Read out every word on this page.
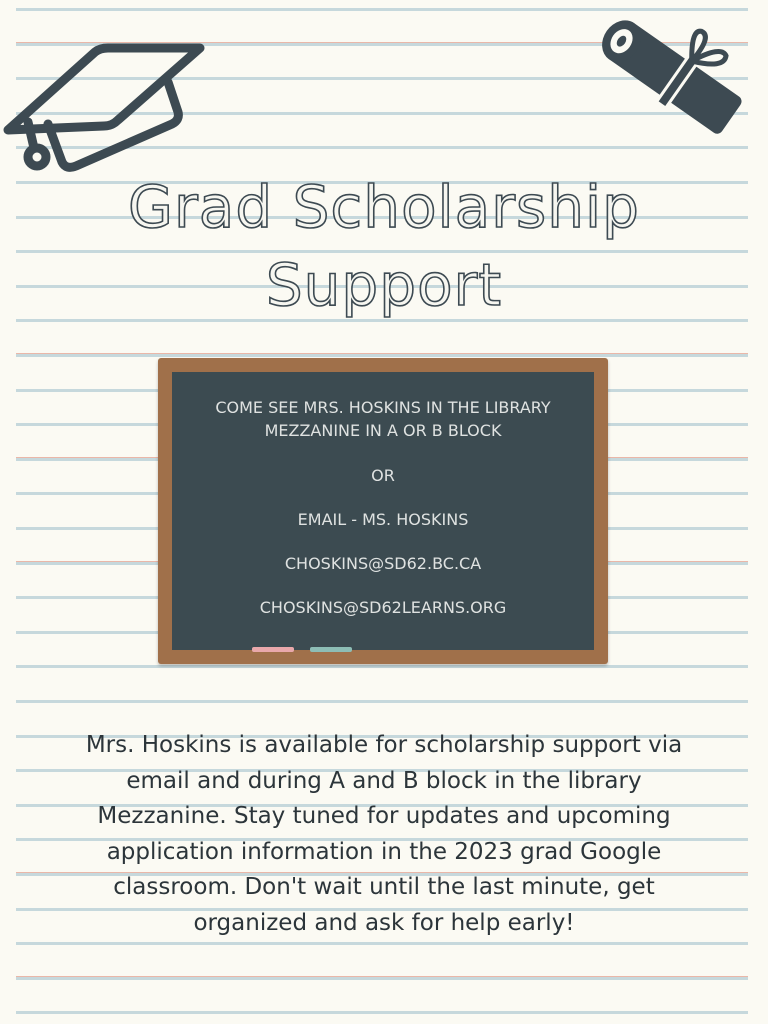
Grad Scholarship
Support
COME SEE MRS. HOSKINS IN THE LIBRARY
MEZZANINE IN A OR B BLOCK
OR
EMAIL - MS. HOSKINS
CHOSKINS@SD62.BC.CA
CHOSKINS@SD62LEARNS.ORG
Mrs. Hoskins is available for scholarship support via
email and during A and B block in the library
Mezzanine. Stay tuned for updates and upcoming
application information in the 2023 grad Google
classroom. Don't wait until the last minute, get
organized and ask for help early!
